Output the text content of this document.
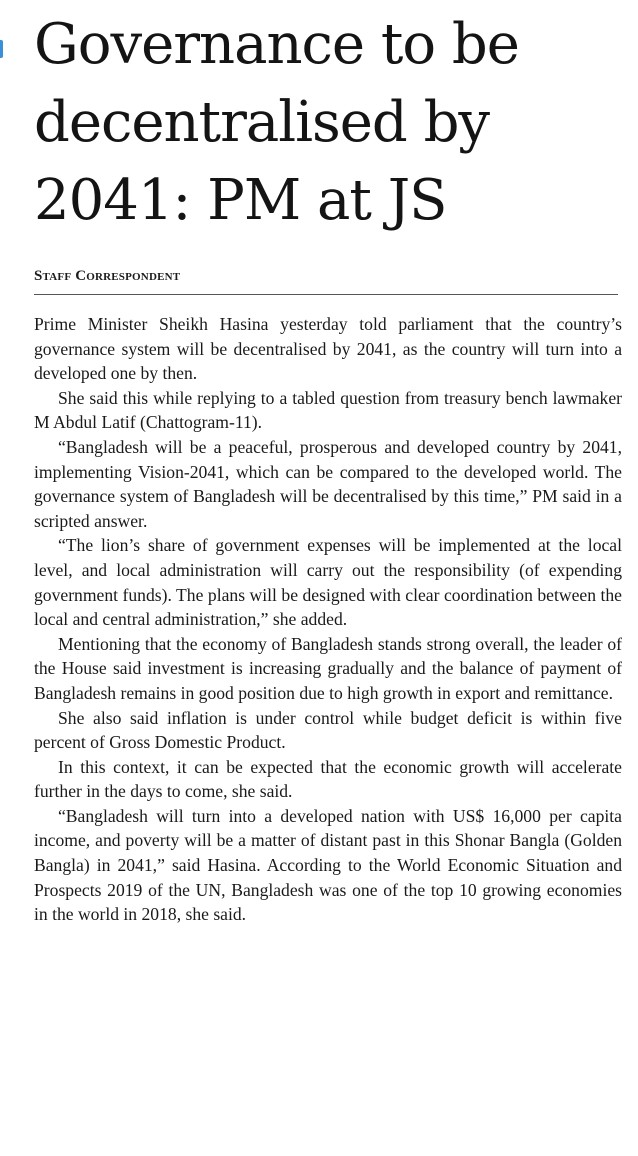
Governance to be decentralised by 2041: PM at JS
Staff Correspondent

Prime Minister Sheikh Hasina yesterday told parliament that the country’s governance system will be decentralised by 2041, as the country will turn into a developed one by then.

She said this while replying to a tabled question from treasury bench lawmaker M Abdul Latif (Chattogram-11).

“Bangladesh will be a peaceful, prosperous and developed country by 2041, implementing Vision-2041, which can be compared to the developed world. The governance system of Bangladesh will be decentralised by this time,” PM said in a scripted answer.

“The lion’s share of government expenses will be implemented at the local level, and local administration will carry out the responsibility (of expending government funds). The plans will be designed with clear coordination between the local and central administration,” she added.

Mentioning that the economy of Bangladesh stands strong overall, the leader of the House said investment is increasing gradually and the balance of payment of Bangladesh remains in good position due to high growth in export and remittance.

She also said inflation is under control while budget deficit is within five percent of Gross Domestic Product.

In this context, it can be expected that the economic growth will accelerate further in the days to come, she said.

“Bangladesh will turn into a developed nation with US$ 16,000 per capita income, and poverty will be a matter of distant past in this Shonar Bangla (Golden Bangla) in 2041,” said Hasina. According to the World Economic Situation and Prospects 2019 of the UN, Bangladesh was one of the top 10 growing economies in the world in 2018, she said.
